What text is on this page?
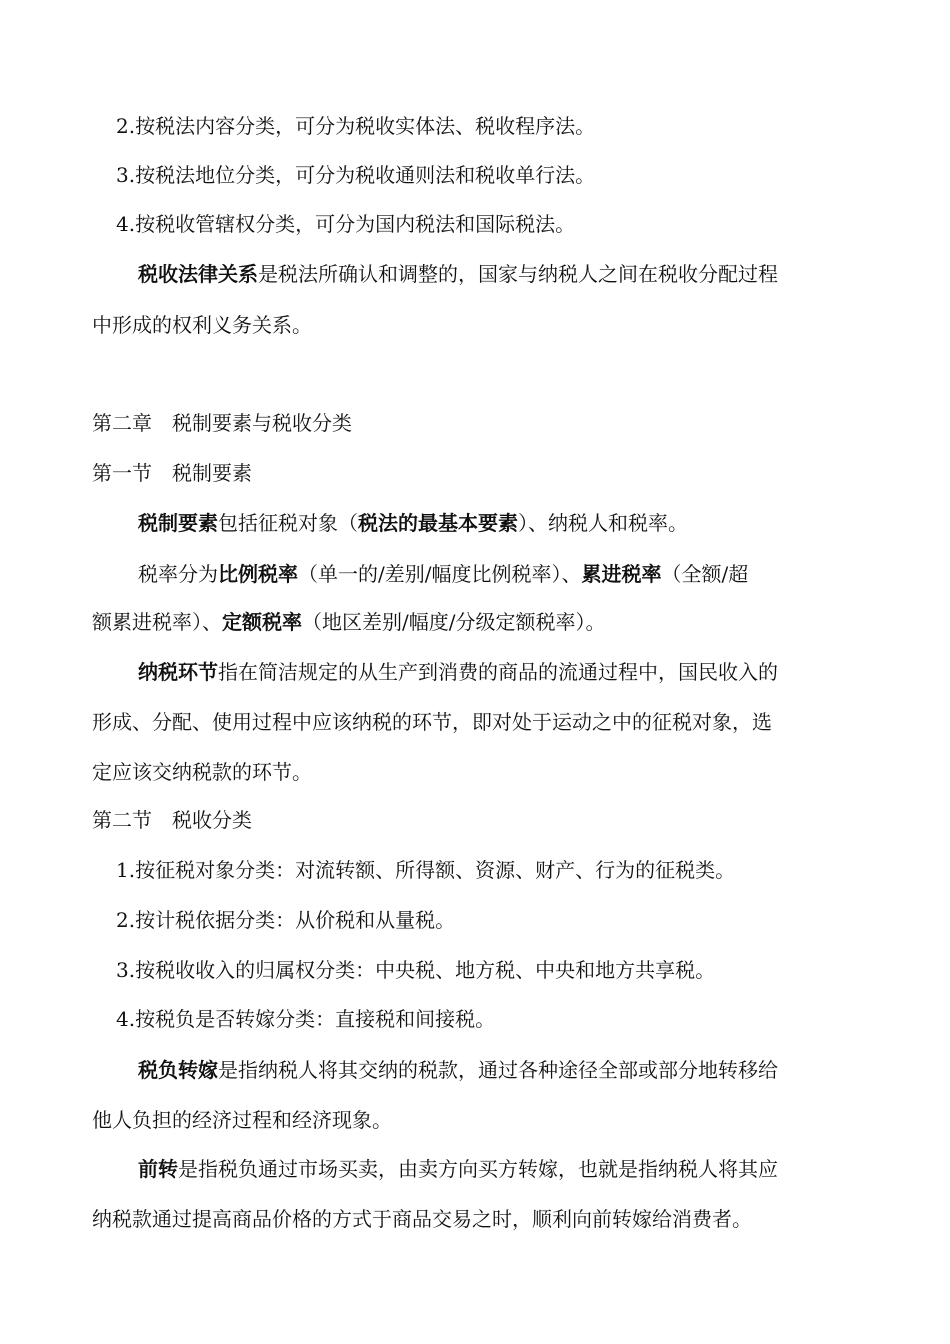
2.按税法内容分类，可分为税收实体法、税收程序法。
3.按税法地位分类，可分为税收通则法和税收单行法。
4.按税收管辖权分类，可分为国内税法和国际税法。
税收法律关系是税法所确认和调整的，国家与纳税人之间在税收分配过程
中形成的权利义务关系。
第二章　税制要素与税收分类
第一节　税制要素
税制要素包括征税对象（税法的最基本要素）、纳税人和税率。
税率分为比例税率（单一的/差别/幅度比例税率）、累进税率（全额/超
额累进税率）、定额税率（地区差别/幅度/分级定额税率）。
纳税环节指在简洁规定的从生产到消费的商品的流通过程中，国民收入的
形成、分配、使用过程中应该纳税的环节，即对处于运动之中的征税对象，选
定应该交纳税款的环节。
第二节　税收分类
1.按征税对象分类：对流转额、所得额、资源、财产、行为的征税类。
2.按计税依据分类：从价税和从量税。
3.按税收收入的归属权分类：中央税、地方税、中央和地方共享税。
4.按税负是否转嫁分类：直接税和间接税。
税负转嫁是指纳税人将其交纳的税款，通过各种途径全部或部分地转移给
他人负担的经济过程和经济现象。
前转是指税负通过市场买卖，由卖方向买方转嫁，也就是指纳税人将其应
纳税款通过提高商品价格的方式于商品交易之时，顺利向前转嫁给消费者。
